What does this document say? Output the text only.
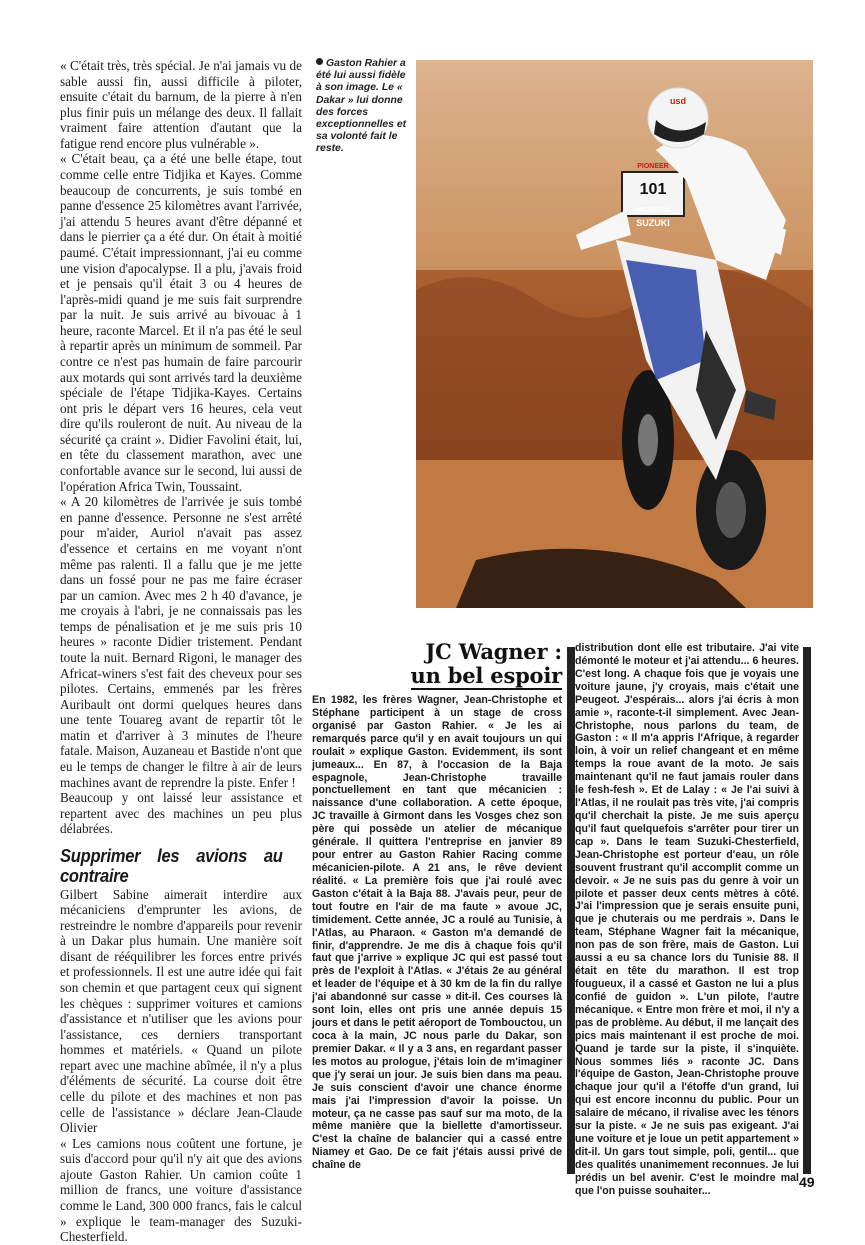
« C'était très, très spécial. Je n'ai jamais vu de sable aussi fin, aussi difficile à piloter, ensuite c'était du barnum, de la pierre à n'en plus finir puis un mélange des deux. Il fallait vraiment faire attention d'autant que la fatigue rend encore plus vulnérable ».

« C'était beau, ça a été une belle étape, tout comme celle entre Tidjika et Kayes. Comme beaucoup de concurrents, je suis tombé en panne d'essence 25 kilomètres avant l'arrivée, j'ai attendu 5 heures avant d'être dépanné et dans le pierrier ça a été dur. On était à moitié paumé. C'était impressionnant, j'ai eu comme une vision d'apocalypse. Il a plu, j'avais froid et je pensais qu'il était 3 ou 4 heures de l'après-midi quand je me suis fait surprendre par la nuit. Je suis arrivé au bivouac à 1 heure, raconte Marcel. Et il n'a pas été le seul à repartir après un minimum de sommeil. Par contre ce n'est pas humain de faire parcourir aux motards qui sont arrivés tard la deuxième spéciale de l'étape Tidjika-Kayes. Certains ont pris le départ vers 16 heures, cela veut dire qu'ils rouleront de nuit. Au niveau de la sécurité ça craint ». Didier Favolini était, lui, en tête du classement marathon, avec une confortable avance sur le second, lui aussi de l'opération Africa Twin, Toussaint.

« A 20 kilomètres de l'arrivée je suis tombé en panne d'essence. Personne ne s'est arrêté pour m'aider, Auriol n'avait pas assez d'essence et certains en me voyant n'ont même pas ralenti. Il a fallu que je me jette dans un fossé pour ne pas me faire écraser par un camion. Avec mes 2 h 40 d'avance, je me croyais à l'abri, je ne connaissais pas les temps de pénalisation et je me suis pris 10 heures » raconte Didier tristement. Pendant toute la nuit. Bernard Rigoni, le manager des Africat-winers s'est fait des cheveux pour ses pilotes. Certains, emmenés par les frères Auribault ont dormi quelques heures dans une tente Touareg avant de repartir tôt le matin et d'arriver à 3 minutes de l'heure fatale. Maison, Auzaneau et Bastide n'ont que eu le temps de changer le filtre à air de leurs machines avant de reprendre la piste. Enfer !

Beaucoup y ont laissé leur assistance et repartent avec des machines un peu plus délabrées.

Supprimer les avions au contraire

Gilbert Sabine aimerait interdire aux mécaniciens d'emprunter les avions, de restreindre le nombre d'appareils pour revenir à un Dakar plus humain. Une manière soit disant de rééquilibrer les forces entre privés et professionnels. Il est une autre idée qui fait son chemin et que partagent ceux qui signent les chèques : supprimer voitures et camions d'assistance et n'utiliser que les avions pour l'assistance, ces derniers transportant hommes et matériels. « Quand un pilote repart avec une machine abîmée, il n'y a plus d'éléments de sécurité. La course doit être celle du pilote et des machines et non pas celle de l'assistance » déclare Jean-Claude Olivier

« Les camions nous coûtent une fortune, je suis d'accord pour qu'il n'y ait que des avions ajoute Gaston Rahier. Un camion coûte 1 million de francs, une voiture d'assistance comme le Land, 300 000 francs, fais le calcul » explique le team-manager des Suzuki-Chesterfield.

Gaston Rahier a été lui aussi fidèle à son image. Le « Dakar » lui donne des forces exceptionnelles et sa volonté fait le reste.
101
SUZUKI
MICHELIN
PIONEER
usd
JC Wagner :
un bel espoir

En 1982, les frères Wagner, Jean-Christophe et Stéphane participent à un stage de cross organisé par Gaston Rahier. « Je les ai remarqués parce qu'il y en avait toujours un qui roulait » explique Gaston. Evidemment, ils sont jumeaux... En 87, à l'occasion de la Baja espagnole, Jean-Christophe travaille ponctuellement en tant que mécanicien : naissance d'une collaboration. A cette époque, JC travaille à Girmont dans les Vosges chez son père qui possède un atelier de mécanique générale. Il quittera l'entreprise en janvier 89 pour entrer au Gaston Rahier Racing comme mécanicien-pilote. A 21 ans, le rêve devient réalité. « La première fois que j'ai roulé avec Gaston c'était à la Baja 88. J'avais peur, peur de tout foutre en l'air de ma faute » avoue JC, timidement. Cette année, JC a roulé au Tunisie, à l'Atlas, au Pharaon. « Gaston m'a demandé de finir, d'apprendre. Je me dis à chaque fois qu'il faut que j'arrive » explique JC qui est passé tout près de l'exploit à l'Atlas. « J'étais 2e au général et leader de l'équipe et à 30 km de la fin du rallye j'ai abandonné sur casse » dit-il. Ces courses là sont loin, elles ont pris une année depuis 15 jours et dans le petit aéroport de Tombouctou, un coca à la main, JC nous parle du Dakar, son premier Dakar. « Il y a 3 ans, en regardant passer les motos au prologue, j'étais loin de m'imaginer que j'y serai un jour. Je suis bien dans ma peau. Je suis conscient d'avoir une chance énorme mais j'ai l'impression d'avoir la poisse. Un moteur, ça ne casse pas sauf sur ma moto, de la même manière que la biellette d'amortisseur. C'est la chaîne de balancier qui a cassé entre Niamey et Gao. De ce fait j'étais aussi privé de chaîne de

distribution dont elle est tributaire. J'ai vite démonté le moteur et j'ai attendu... 6 heures. C'est long. A chaque fois que je voyais une voiture jaune, j'y croyais, mais c'était une Peugeot. J'espérais... alors j'ai écris à mon amie », raconte-t-il simplement. Avec Jean-Christophe, nous parlons du team, de Gaston : « Il m'a appris l'Afrique, à regarder loin, à voir un relief changeant et en même temps la roue avant de la moto. Je sais maintenant qu'il ne faut jamais rouler dans le fesh-fesh ». Et de Lalay : « Je l'ai suivi à l'Atlas, il ne roulait pas très vite, j'ai compris qu'il cherchait la piste. Je me suis aperçu qu'il faut quelquefois s'arrêter pour tirer un cap ». Dans le team Suzuki-Chesterfield, Jean-Christophe est porteur d'eau, un rôle souvent frustrant qu'il accomplit comme un devoir. « Je ne suis pas du genre à voir un pilote et passer deux cents mètres à côté. J'ai l'impression que je serais ensuite puni, que je chuterais ou me perdrais ». Dans le team, Stéphane Wagner fait la mécanique, non pas de son frère, mais de Gaston. Lui aussi a eu sa chance lors du Tunisie 88. Il était en tête du marathon. Il est trop fougueux, il a cassé et Gaston ne lui a plus confié de guidon ». L'un pilote, l'autre mécanique. « Entre mon frère et moi, il n'y a pas de problème. Au début, il me lançait des pics mais maintenant il est proche de moi. Quand je tarde sur la piste, il s'inquiète. Nous sommes liés » raconte JC. Dans l'équipe de Gaston, Jean-Christophe prouve chaque jour qu'il a l'étoffe d'un grand, lui qui est encore inconnu du public. Pour un salaire de mécano, il rivalise avec les ténors sur la piste. « Je ne suis pas exigeant. J'ai une voiture et je loue un petit appartement » dit-il. Un gars tout simple, poli, gentil... que des qualités unanimement reconnues. Je lui prédis un bel avenir. C'est le moindre mal que l'on puisse souhaiter...

49
